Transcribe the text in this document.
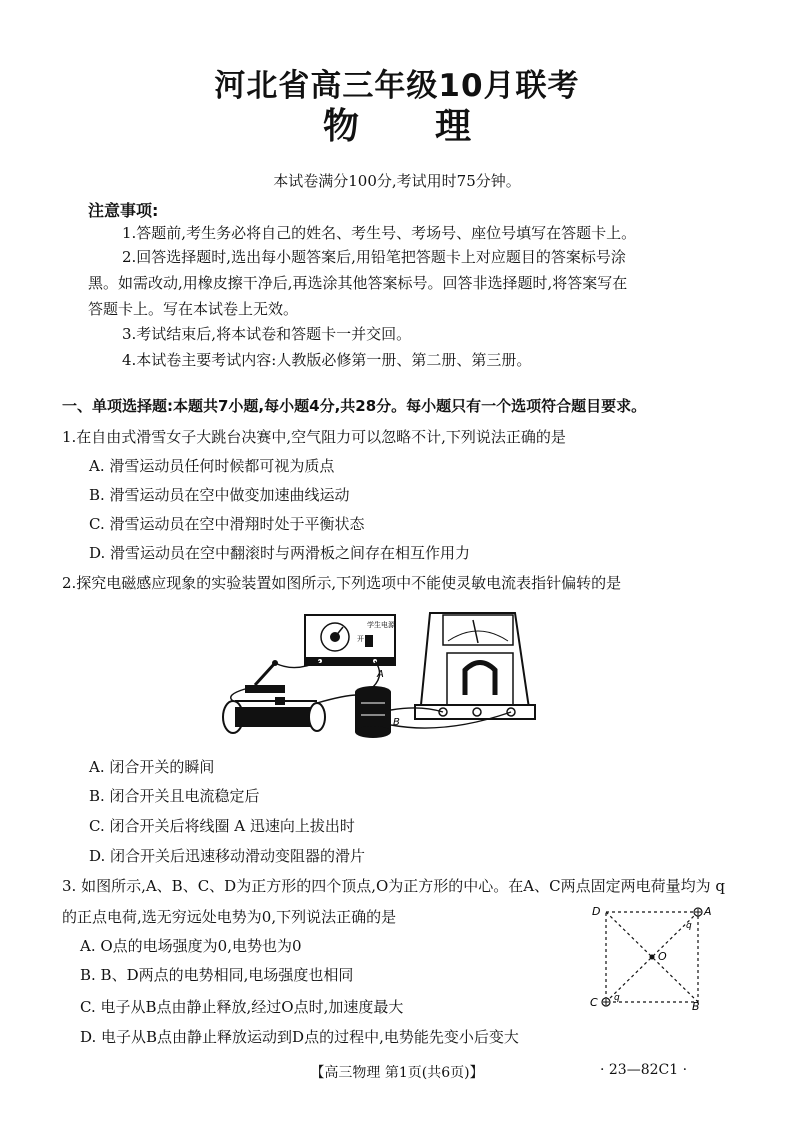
河北省高三年级10月联考
物 理
本试卷满分100分,考试用时75分钟。
注意事项:
1.答题前,考生务必将自己的姓名、考生号、考场号、座位号填写在答题卡上。
2.回答选择题时,选出每小题答案后,用铅笔把答题卡上对应题目的答案标号涂
黑。如需改动,用橡皮擦干净后,再选涂其他答案标号。回答非选择题时,将答案写在
答题卡上。写在本试卷上无效。
3.考试结束后,将本试卷和答题卡一并交回。
4.本试卷主要考试内容:人教版必修第一册、第二册、第三册。
一、单项选择题:本题共7小题,每小题4分,共28分。每小题只有一个选项符合题目要求。
1.在自由式滑雪女子大跳台决赛中,空气阻力可以忽略不计,下列说法正确的是
A. 滑雪运动员任何时候都可视为质点
B. 滑雪运动员在空中做变加速曲线运动
C. 滑雪运动员在空中滑翔时处于平衡状态
D. 滑雪运动员在空中翻滚时与两滑板之间存在相互作用力
2.探究电磁感应现象的实验装置如图所示,下列选项中不能使灵敏电流表指针偏转的是
学生电源
开
A
B
A. 闭合开关的瞬间
B. 闭合开关且电流稳定后
C. 闭合开关后将线圈 A 迅速向上拔出时
D. 闭合开关后迅速移动滑动变阻器的滑片
3. 如图所示,A、B、C、D为正方形的四个顶点,O为正方形的中心。在A、C两点固定两电荷量均为 q
的正点电荷,选无穷远处电势为0,下列说法正确的是
A. O点的电场强度为0,电势也为0
B. B、D两点的电势相同,电场强度也相同
C. 电子从B点由静止释放,经过O点时,加速度最大
D. 电子从B点由静止释放运动到D点的过程中,电势能先变小后变大
D	A
C	B
O
q
q
【高三物理 第1页(共6页)】	· 23—82C1 ·
